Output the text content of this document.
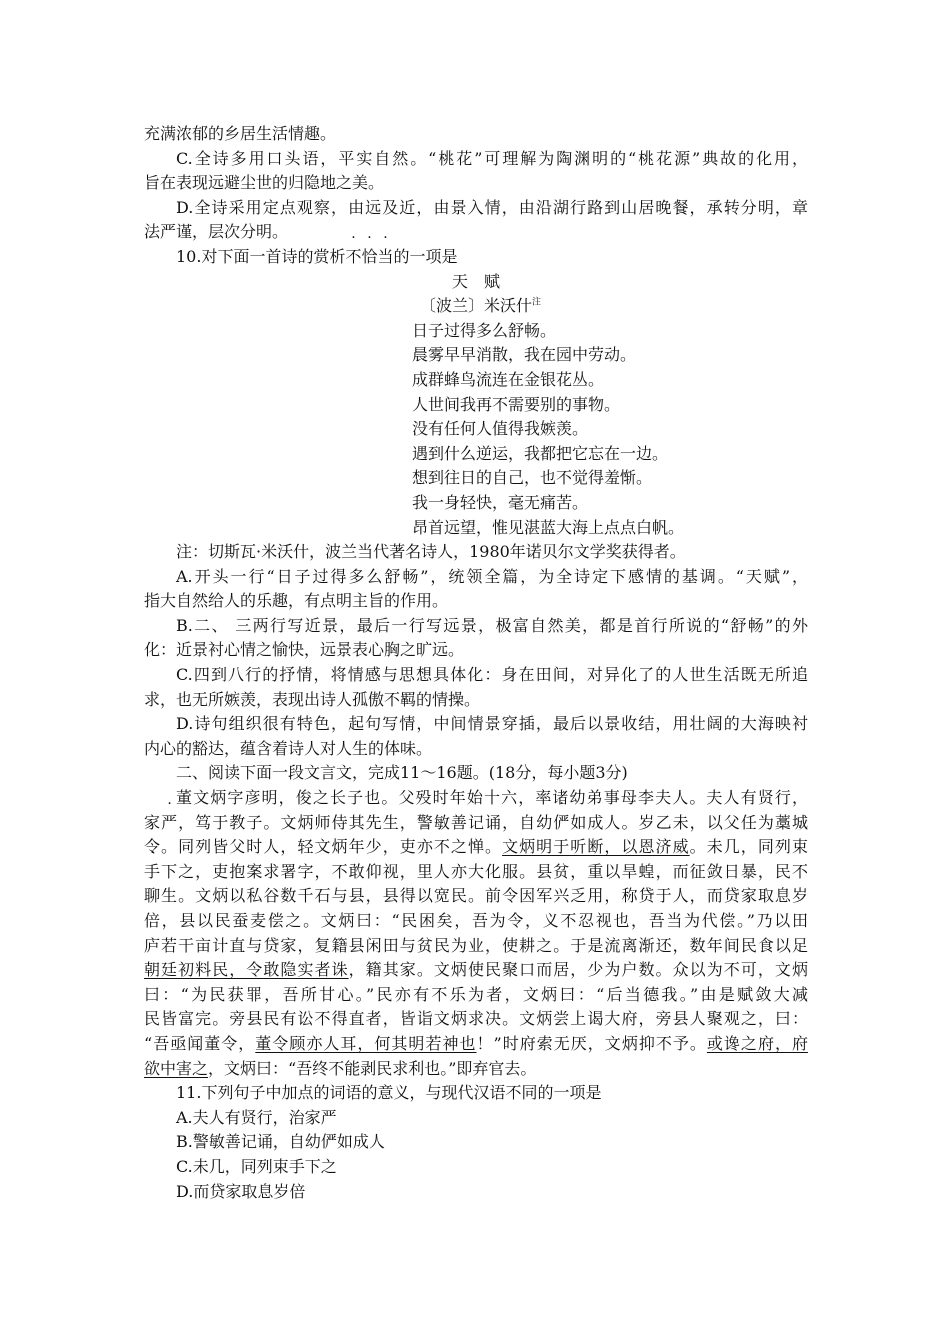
充满浓郁的乡居生活情趣。
C.全诗多用口头语，平实自然。“桃花”可理解为陶渊明的“桃花源”典故的化用，
旨在表现远避尘世的归隐地之美。
D.全诗采用定点观察，由远及近，由景入情，由沿湖行路到山居晚餐，承转分明，章
法严谨，层次分明。
10.对下面一首诗的赏析不恰当的一项是
天　赋
〔波兰〕米沃什$^注$
日子过得多么舒畅。
晨雾早早消散，我在园中劳动。
成群蜂鸟流连在金银花丛。
人世间我再不需要别的事物。
没有任何人值得我嫉羡。
遇到什么逆运，我都把它忘在一边。
想到往日的自己，也不觉得羞惭。
我一身轻快，毫无痛苦。
昂首远望，惟见湛蓝大海上点点白帆。
注：切斯瓦·米沃什，波兰当代著名诗人，1980年诺贝尔文学奖获得者。
A.开头一行“日子过得多么舒畅”，统领全篇，为全诗定下感情的基调。“天赋”，
指大自然给人的乐趣，有点明主旨的作用。
B.二、 三两行写近景，最后一行写远景，极富自然美，都是首行所说的“舒畅”的外
化：近景衬心情之愉快，远景表心胸之旷远。
C.四到八行的抒情，将情感与思想具体化：身在田间，对异化了的人世生活既无所追
求，也无所嫉羡，表现出诗人孤傲不羁的情操。
D.诗句组织很有特色，起句写情，中间情景穿插，最后以景收结，用壮阔的大海映衬
内心的豁达，蕴含着诗人对人生的体味。
二、阅读下面一段文言文，完成11～16题。(18分，每小题3分)
董文炳字彦明，俊之长子也。父殁时年始十六，率诸幼弟事母李夫人。夫人有贤行，
家严，笃于教子。文炳师侍其先生，警敏善记诵，自幼俨如成人。岁乙未，以父任为藁城
令。同列皆父时人，轻文炳年少，吏亦不之惮。文炳明于听断，以恩济威。未几，同列束
手下之，吏抱案求署字，不敢仰视，里人亦大化服。县贫，重以旱蝗，而征敛日暴，民不
聊生。文炳以私谷数千石与县，县得以宽民。前令因军兴乏用，称贷于人，而贷家取息岁
倍，县以民蚕麦偿之。文炳曰：“民困矣，吾为令，义不忍视也，吾当为代偿。”乃以田
庐若干亩计直与贷家，复籍县闲田与贫民为业，使耕之。于是流离渐还，数年间民食以足
朝廷初料民，令敢隐实者诛，籍其家。文炳使民聚口而居，少为户数。众以为不可，文炳
曰：“为民获罪，吾所甘心。”民亦有不乐为者，文炳曰：“后当德我。”由是赋敛大减
民皆富完。旁县民有讼不得直者，皆诣文炳求决。文炳尝上谒大府，旁县人聚观之，曰：
“吾亟闻董令，董令顾亦人耳，何其明若神也！”时府索无厌，文炳抑不予。或谗之府，府
欲中害之，文炳曰：“吾终不能剥民求利也。”即弃官去。
11.下列句子中加点的词语的意义，与现代汉语不同的一项是
A.夫人有贤行，治家严
B.警敏善记诵，自幼俨如成人
C.未几，同列束手下之
D.而贷家取息岁倍
